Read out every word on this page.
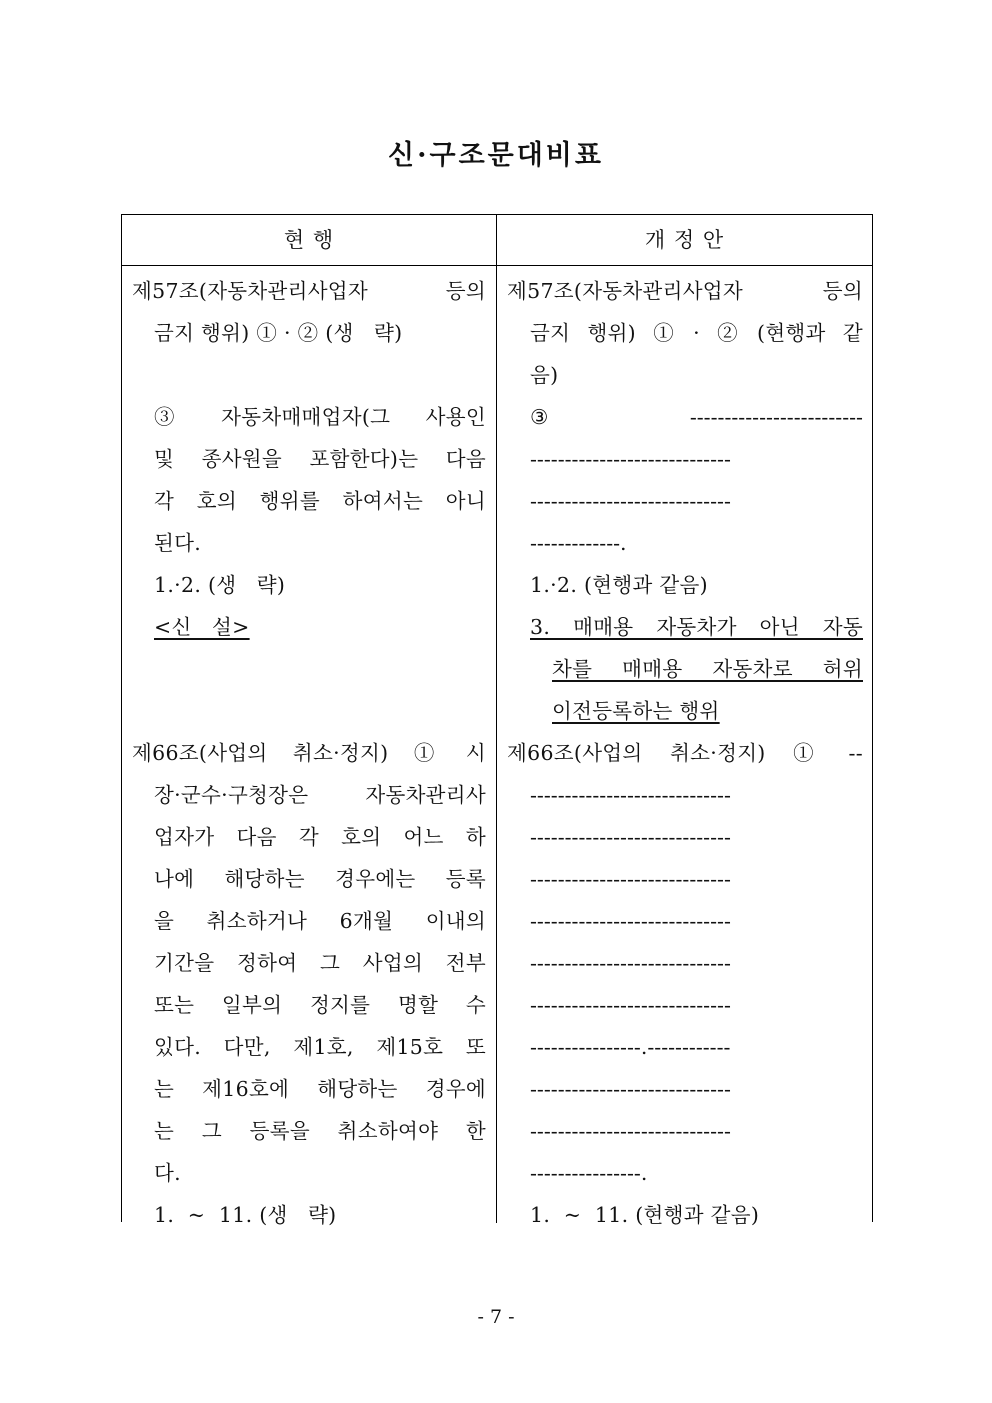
신·구조문대비표
현 행	개 정 안
제57조(자동차관리사업자      등의
금지 행위) ① · ② (생   략)
③  자동차매매업자(그  사용인
및  종사원을  포함한다)는  다음
각  호의  행위를  하여서는  아니
된다.
1.·2. (생   략)
<신   설>
제66조(사업의  취소·정지)  ①  시
장·군수·구청장은  자동차관리사
업자가  다음  각  호의  어느  하
나에  해당하는  경우에는  등록
을  취소하거나  6개월  이내의
기간을  정하여  그  사업의  전부
또는  일부의  정지를  명할  수
있다.  다만,  제1호,  제15호  또
는  제16호에  해당하는  경우에
는  그  등록을  취소하여야  한
다.
1.  ~  11. (생   략)
제57조(자동차관리사업자      등의
금지  행위)  ①  ·  ②  (현행과  같
음)
③  -------------------------
-----------------------------
-----------------------------
-------------.
1.·2. (현행과 같음)
3.  매매용  자동차가  아닌  자동
차를  매매용  자동차로  허위
이전등록하는 행위
제66조(사업의  취소·정지)  ①  --
-----------------------------
-----------------------------
-----------------------------
-----------------------------
-----------------------------
-----------------------------
----------------.------------
-----------------------------
-----------------------------
----------------.
1.  ~  11. (현행과 같음)
- 7 -
